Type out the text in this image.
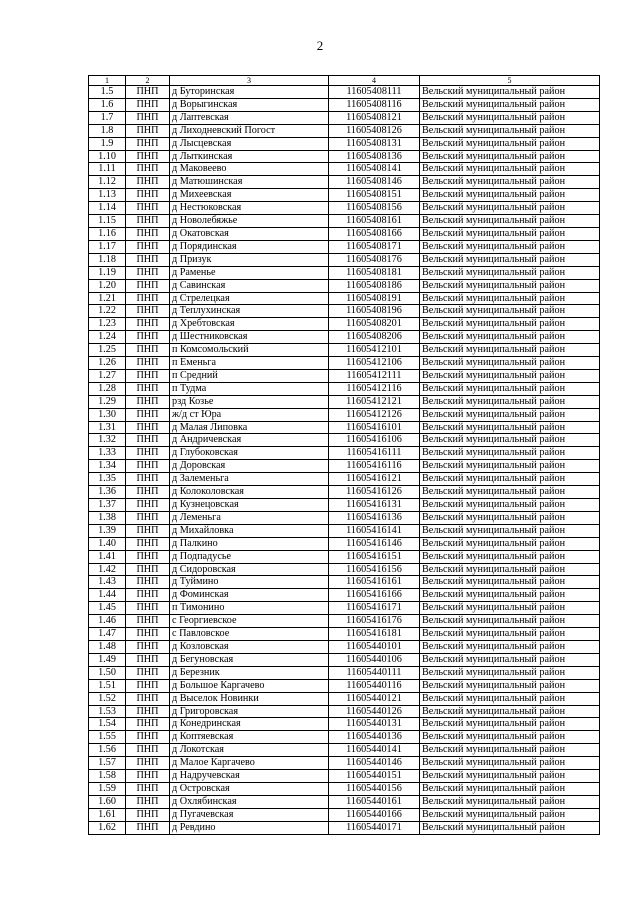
2
1	2	3	4	5
1.5	ПНП	д Буторинская	11605408111	Вельский муниципальный район
1.6	ПНП	д Ворыгинская	11605408116	Вельский муниципальный район
1.7	ПНП	д Лаптевская	11605408121	Вельский муниципальный район
1.8	ПНП	д Лиходневский Погост	11605408126	Вельский муниципальный район
1.9	ПНП	д Лысцевская	11605408131	Вельский муниципальный район
1.10	ПНП	д Лыткинская	11605408136	Вельский муниципальный район
1.11	ПНП	д Маковеево	11605408141	Вельский муниципальный район
1.12	ПНП	д Матюшинская	11605408146	Вельский муниципальный район
1.13	ПНП	д Михеевская	11605408151	Вельский муниципальный район
1.14	ПНП	д Нестюковская	11605408156	Вельский муниципальный район
1.15	ПНП	д Новолебяжье	11605408161	Вельский муниципальный район
1.16	ПНП	д Окатовская	11605408166	Вельский муниципальный район
1.17	ПНП	д Порядинская	11605408171	Вельский муниципальный район
1.18	ПНП	д Призук	11605408176	Вельский муниципальный район
1.19	ПНП	д Раменье	11605408181	Вельский муниципальный район
1.20	ПНП	д Савинская	11605408186	Вельский муниципальный район
1.21	ПНП	д Стрелецкая	11605408191	Вельский муниципальный район
1.22	ПНП	д Теплухинская	11605408196	Вельский муниципальный район
1.23	ПНП	д Хребтовская	11605408201	Вельский муниципальный район
1.24	ПНП	д Шестниковская	11605408206	Вельский муниципальный район
1.25	ПНП	п Комсомольский	11605412101	Вельский муниципальный район
1.26	ПНП	п Еменьга	11605412106	Вельский муниципальный район
1.27	ПНП	п Средний	11605412111	Вельский муниципальный район
1.28	ПНП	п Тудма	11605412116	Вельский муниципальный район
1.29	ПНП	рзд Козье	11605412121	Вельский муниципальный район
1.30	ПНП	ж/д ст Юра	11605412126	Вельский муниципальный район
1.31	ПНП	д Малая Липовка	11605416101	Вельский муниципальный район
1.32	ПНП	д Андричевская	11605416106	Вельский муниципальный район
1.33	ПНП	д Глубоковская	11605416111	Вельский муниципальный район
1.34	ПНП	д Доровская	11605416116	Вельский муниципальный район
1.35	ПНП	д Залеменьга	11605416121	Вельский муниципальный район
1.36	ПНП	д Колоколовская	11605416126	Вельский муниципальный район
1.37	ПНП	д Кузнецовская	11605416131	Вельский муниципальный район
1.38	ПНП	д Леменьга	11605416136	Вельский муниципальный район
1.39	ПНП	д Михайловка	11605416141	Вельский муниципальный район
1.40	ПНП	д Палкино	11605416146	Вельский муниципальный район
1.41	ПНП	д Подпадусье	11605416151	Вельский муниципальный район
1.42	ПНП	д Сидоровская	11605416156	Вельский муниципальный район
1.43	ПНП	д Туймино	11605416161	Вельский муниципальный район
1.44	ПНП	д Фоминская	11605416166	Вельский муниципальный район
1.45	ПНП	п Тимонино	11605416171	Вельский муниципальный район
1.46	ПНП	с Георгиевское	11605416176	Вельский муниципальный район
1.47	ПНП	с Павловское	11605416181	Вельский муниципальный район
1.48	ПНП	д Козловская	11605440101	Вельский муниципальный район
1.49	ПНП	д Бегуновская	11605440106	Вельский муниципальный район
1.50	ПНП	д Березник	11605440111	Вельский муниципальный район
1.51	ПНП	д Большое Каргачево	11605440116	Вельский муниципальный район
1.52	ПНП	д Выселок Новинки	11605440121	Вельский муниципальный район
1.53	ПНП	д Григоровская	11605440126	Вельский муниципальный район
1.54	ПНП	д Конедринская	11605440131	Вельский муниципальный район
1.55	ПНП	д Коптяевская	11605440136	Вельский муниципальный район
1.56	ПНП	д Локотская	11605440141	Вельский муниципальный район
1.57	ПНП	д Малое Каргачево	11605440146	Вельский муниципальный район
1.58	ПНП	д Надручевская	11605440151	Вельский муниципальный район
1.59	ПНП	д Островская	11605440156	Вельский муниципальный район
1.60	ПНП	д Охлябинская	11605440161	Вельский муниципальный район
1.61	ПНП	д Пугачевская	11605440166	Вельский муниципальный район
1.62	ПНП	д Ревдино	11605440171	Вельский муниципальный район
